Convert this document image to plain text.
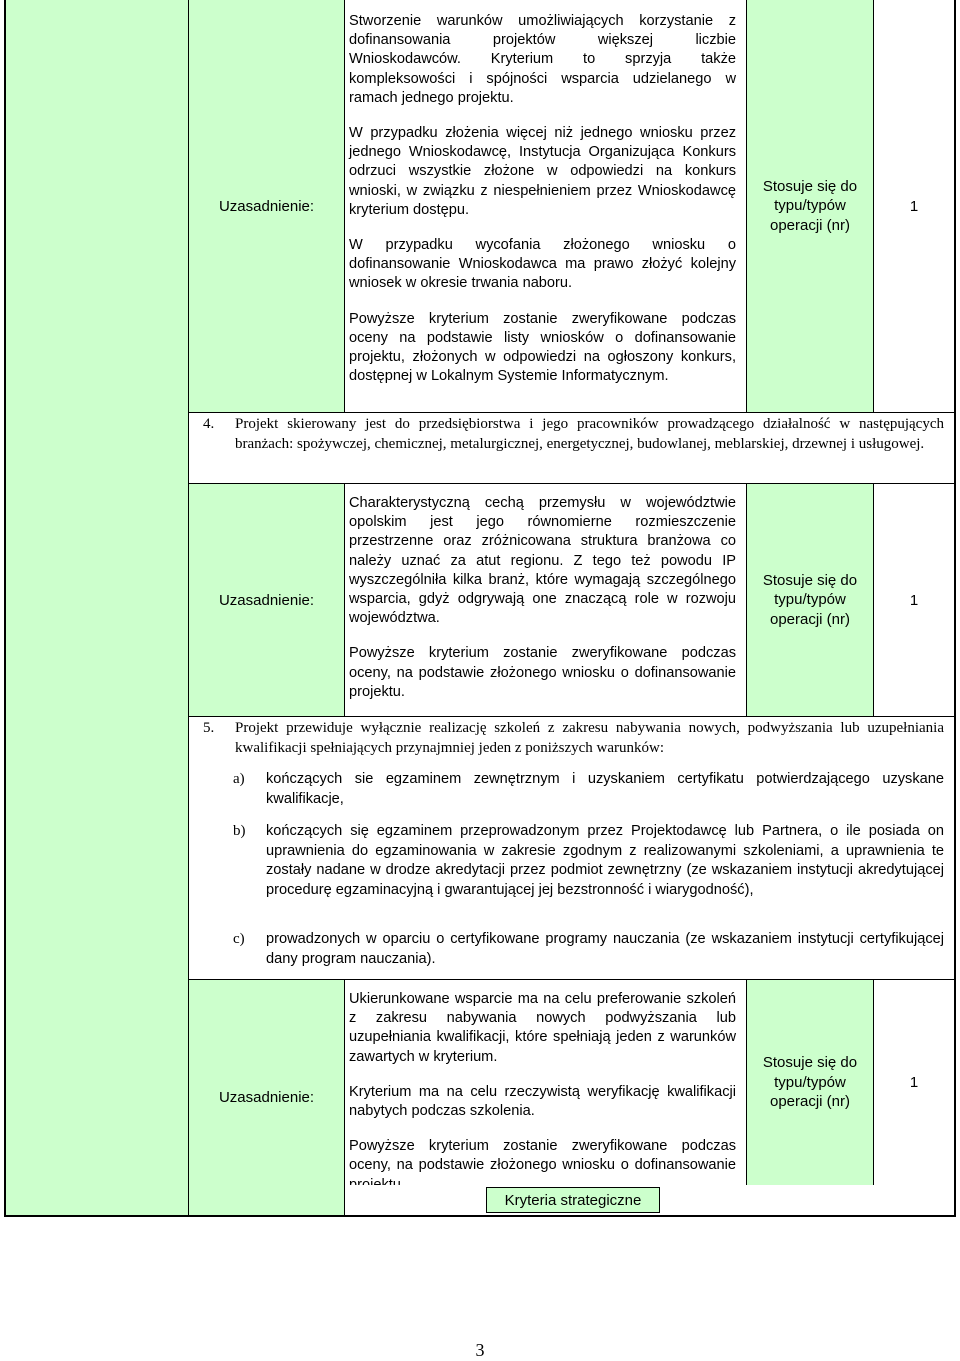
Uzasadnienie:

Stworzenie warunków umożliwiających korzystanie z dofinansowania projektów większej liczbie Wnioskodawców. Kryterium to sprzyja także kompleksowości i spójności wsparcia udzielanego w ramach jednego projektu.

W przypadku złożenia więcej niż jednego wniosku przez jednego Wnioskodawcę, Instytucja Organizująca Konkurs odrzuci wszystkie złożone w odpowiedzi na konkurs wnioski, w związku z niespełnieniem przez Wnioskodawcę kryterium dostępu.

W przypadku wycofania złożonego wniosku o dofinansowanie Wnioskodawca ma prawo złożyć kolejny wniosek w okresie trwania naboru.

Powyższe kryterium zostanie zweryfikowane podczas oceny na podstawie listy wniosków o dofinansowanie projektu, złożonych w odpowiedzi na ogłoszony konkurs, dostępnej w Lokalnym Systemie Informatycznym.

Stosuje się do typu/typów operacji (nr)
1
4. Projekt skierowany jest do przedsiębiorstwa i jego pracowników prowadzącego działalność w następujących branżach: spożywczej, chemicznej, metalurgicznej, energetycznej, budowlanej, meblarskiej, drzewnej i usługowej.
Uzasadnienie:

Charakterystyczną cechą przemysłu w województwie opolskim jest jego równomierne rozmieszczenie przestrzenne oraz zróżnicowana struktura branżowa co należy uznać za atut regionu. Z tego też powodu IP wyszczególniła kilka branż, które wymagają szczególnego wsparcia, gdyż odgrywają one znaczącą role w rozwoju województwa.

Powyższe kryterium zostanie zweryfikowane podczas oceny, na podstawie złożonego wniosku o dofinansowanie projektu.

Stosuje się do typu/typów operacji (nr)
1
5. Projekt przewiduje wyłącznie realizację szkoleń z zakresu nabywania nowych, podwyższania lub uzupełniania kwalifikacji spełniających przynajmniej jeden z poniższych warunków:
a) kończących sie egzaminem zewnętrznym i uzyskaniem certyfikatu potwierdzającego uzyskane kwalifikacje,
b) kończących się egzaminem przeprowadzonym przez Projektodawcę lub Partnera, o ile posiada on uprawnienia do egzaminowania w zakresie zgodnym z realizowanymi szkoleniami, a uprawnienia te zostały nadane w drodze akredytacji przez podmiot zewnętrzny (ze wskazaniem instytucji akredytującej procedurę egzaminacyjną i gwarantującej jej bezstronność i wiarygodność),
c) prowadzonych w oparciu o certyfikowane programy nauczania (ze wskazaniem instytucji certyfikującej dany program nauczania).
Uzasadnienie:

Ukierunkowane wsparcie ma na celu preferowanie szkoleń z zakresu nabywania nowych podwyższania lub uzupełniania kwalifikacji, które spełniają jeden z warunków zawartych w kryterium.

Kryterium ma na celu rzeczywistą weryfikację kwalifikacji nabytych podczas szkolenia.

Powyższe kryterium zostanie zweryfikowane podczas oceny, na podstawie złożonego wniosku o dofinansowanie

Stosuje się do typu/typów operacji (nr)
1
Kryteria strategiczne
3
